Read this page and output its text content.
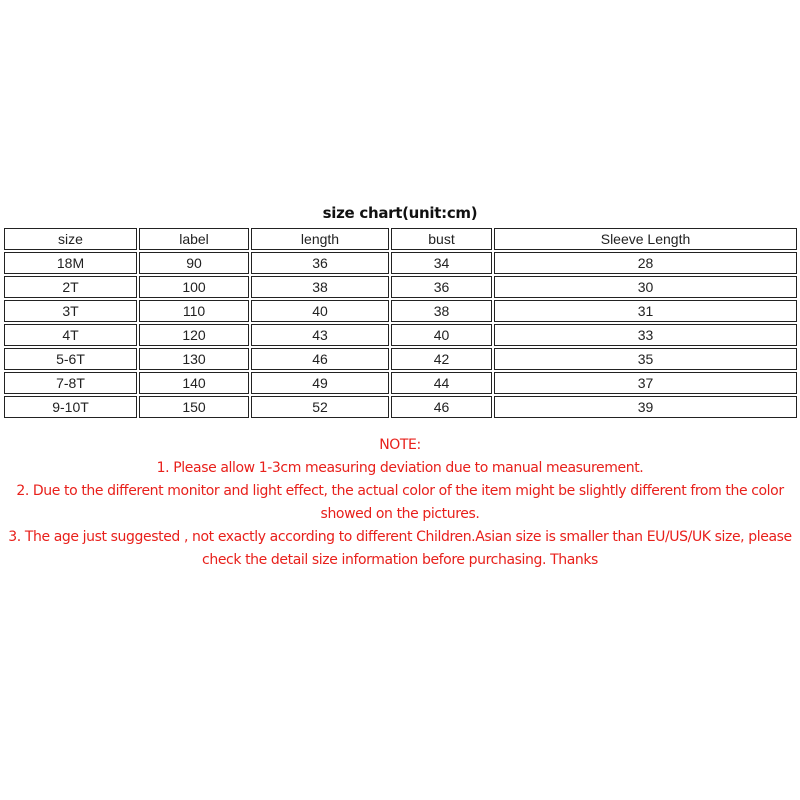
size chart(unit:cm)
size	label	length	bust	Sleeve Length
18M	90	36	34	28
2T	100	38	36	30
3T	110	40	38	31
4T	120	43	40	33
5-6T	130	46	42	35
7-8T	140	49	44	37
9-10T	150	52	46	39
NOTE:
1. Please allow 1-3cm measuring deviation due to manual measurement.
2. Due to the different monitor and light effect, the actual color of the item might be slightly different from the color
showed on the pictures.
3. The age just suggested , not exactly according to different Children.Asian size is smaller than EU/US/UK size, please
check the detail size information before purchasing. Thanks
